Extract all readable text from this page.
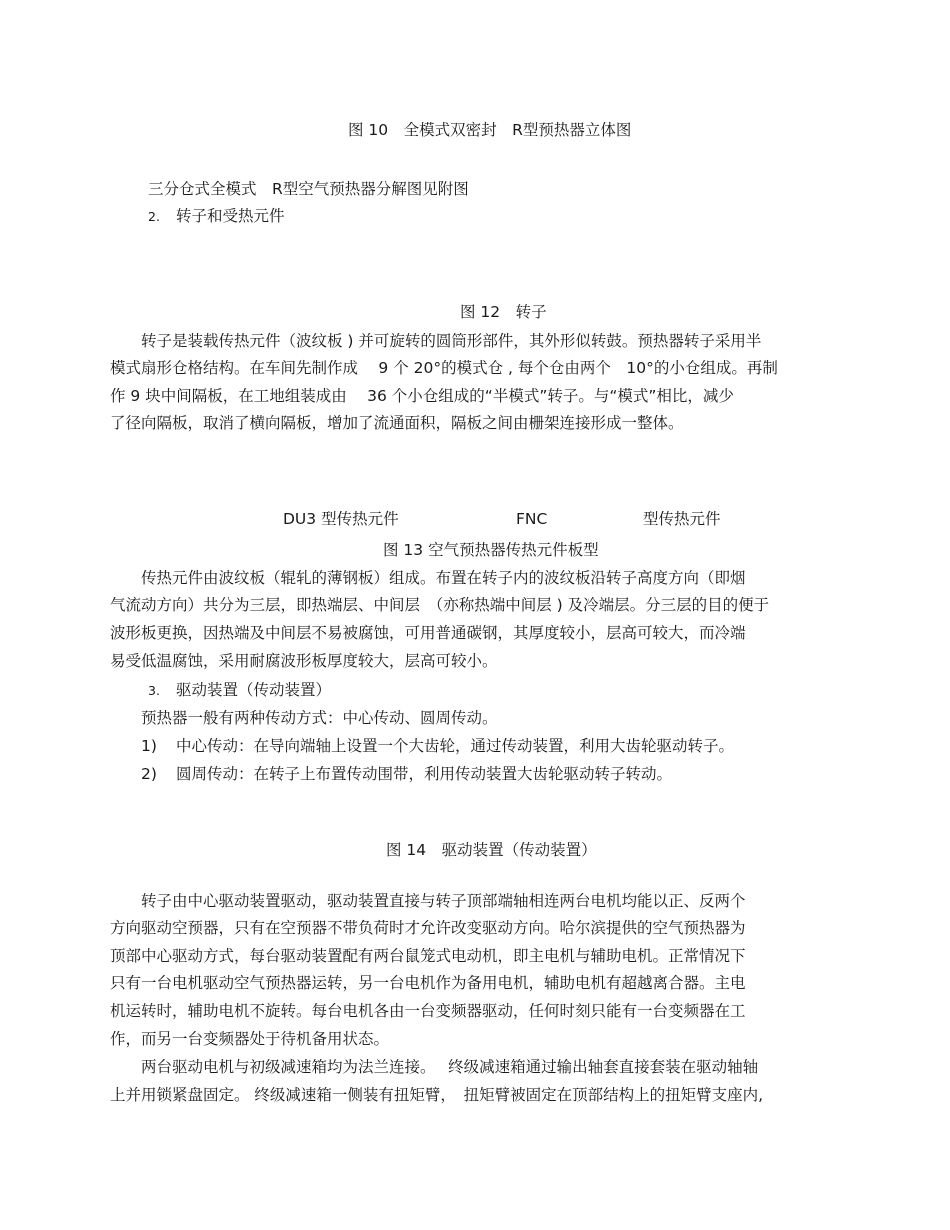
图 10　全模式双密封　R型预热器立体图
三分仓式全模式　R型空气预热器分解图见附图
2. 转子和受热元件
图 12　转子
　　转子是装载传热元件（波纹板 ) 并可旋转的圆筒形部件，其外形似转鼓。预热器转子采用半
模式扇形仓格结构。在车间先制作成　 9 个 20°的模式仓 , 每个仓由两个　10°的小仓组成。再制
作 9 块中间隔板，在工地组装成由　 36 个小仓组成的“半模式”转子。与“模式”相比，减少
了径向隔板，取消了横向隔板，增加了流通面积，隔板之间由栅架连接形成一整体。
DU3 型传热元件	FNC	型传热元件
图 13 空气预热器传热元件板型
　　传热元件由波纹板（辊轧的薄钢板）组成。布置在转子内的波纹板沿转子高度方向（即烟
气流动方向）共分为三层，即热端层、中间层　（亦称热端中间层 ) 及冷端层。分三层的目的便于
波形板更换，因热端及中间层不易被腐蚀，可用普通碳钢，其厚度较小，层高可较大，而冷端
易受低温腐蚀，采用耐腐波形板厚度较大，层高可较小。
3. 驱动装置（传动装置）
　　预热器一般有两种传动方式：中心传动、圆周传动。
1) 中心传动：在导向端轴上设置一个大齿轮，通过传动装置，利用大齿轮驱动转子。
2) 圆周传动：在转子上布置传动围带，利用传动装置大齿轮驱动转子转动。
图 14　驱动装置（传动装置）
　　转子由中心驱动装置驱动，驱动装置直接与转子顶部端轴相连两台电机均能以正、反两个
方向驱动空预器，只有在空预器不带负荷时才允许改变驱动方向。哈尔滨提供的空气预热器为
顶部中心驱动方式，每台驱动装置配有两台鼠笼式电动机，即主电机与辅助电机。正常情况下
只有一台电机驱动空气预热器运转，另一台电机作为备用电机，辅助电机有超越离合器。主电
机运转时，辅助电机不旋转。每台电机各由一台变频器驱动，任何时刻只能有一台变频器在工
作，而另一台变频器处于待机备用状态。
　　两台驱动电机与初级减速箱均为法兰连接。　 终级减速箱通过输出轴套直接套装在驱动轴轴
上并用锁紧盘固定。 终级减速箱一侧装有扭矩臂，　扭矩臂被固定在顶部结构上的扭矩臂支座内,
